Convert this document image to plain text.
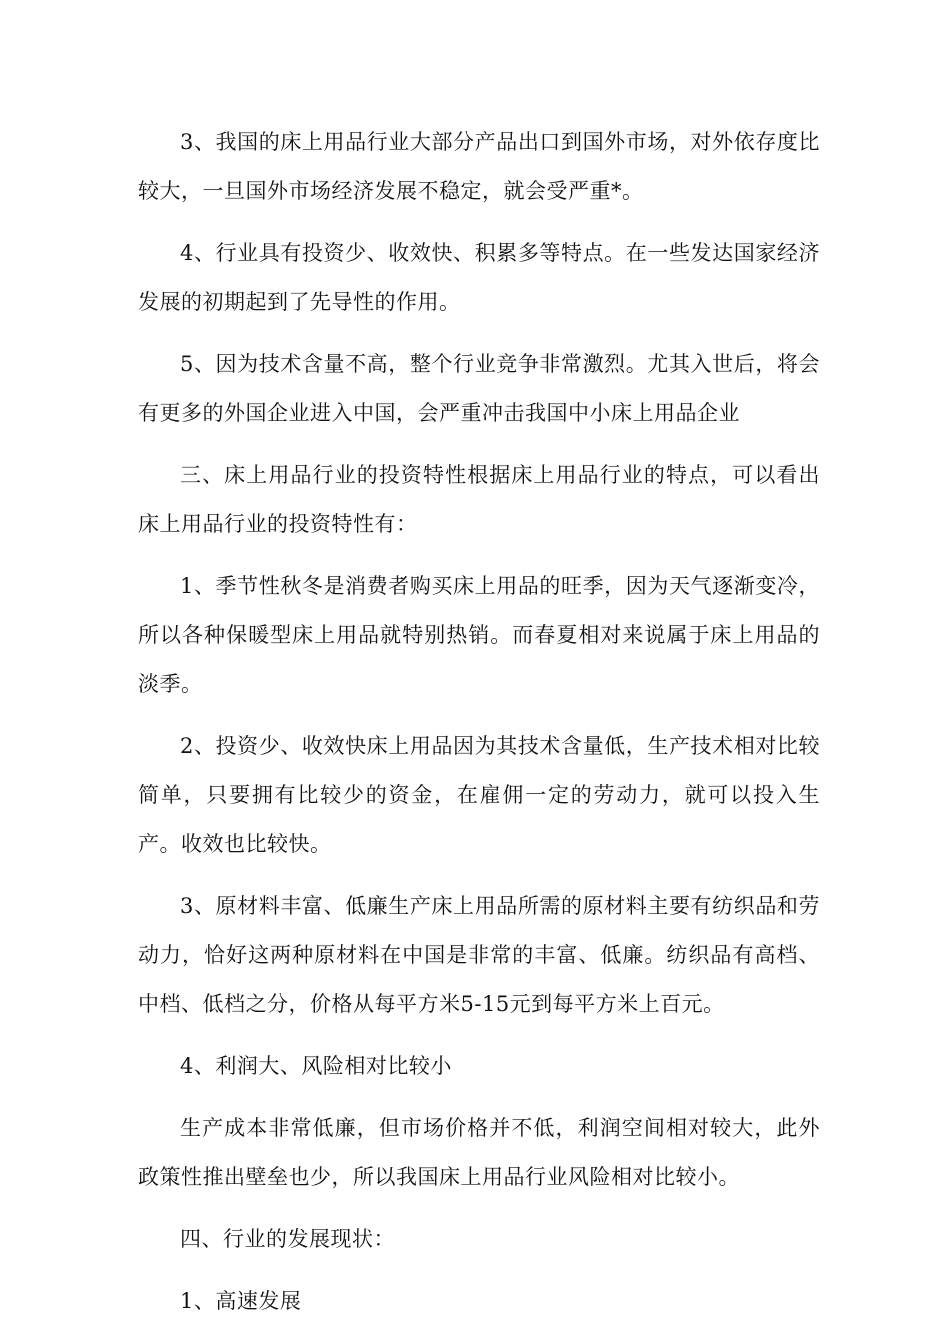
3、我国的床上用品行业大部分产品出口到国外市场，对外依存度比较大，一旦国外市场经济发展不稳定，就会受严重*。

4、行业具有投资少、收效快、积累多等特点。在一些发达国家经济发展的初期起到了先导性的作用。

5、因为技术含量不高，整个行业竞争非常激烈。尤其入世后，将会有更多的外国企业进入中国，会严重冲击我国中小床上用品企业

三、床上用品行业的投资特性根据床上用品行业的特点，可以看出床上用品行业的投资特性有：

1、季节性秋冬是消费者购买床上用品的旺季，因为天气逐渐变冷，所以各种保暖型床上用品就特别热销。而春夏相对来说属于床上用品的淡季。

2、投资少、收效快床上用品因为其技术含量低，生产技术相对比较简单，只要拥有比较少的资金，在雇佣一定的劳动力，就可以投入生产。收效也比较快。

3、原材料丰富、低廉生产床上用品所需的原材料主要有纺织品和劳动力，恰好这两种原材料在中国是非常的丰富、低廉。纺织品有高档、中档、低档之分，价格从每平方米5-15元到每平方米上百元。

4、利润大、风险相对比较小

生产成本非常低廉，但市场价格并不低，利润空间相对较大，此外政策性推出壁垒也少，所以我国床上用品行业风险相对比较小。

四、行业的发展现状：

1、高速发展
